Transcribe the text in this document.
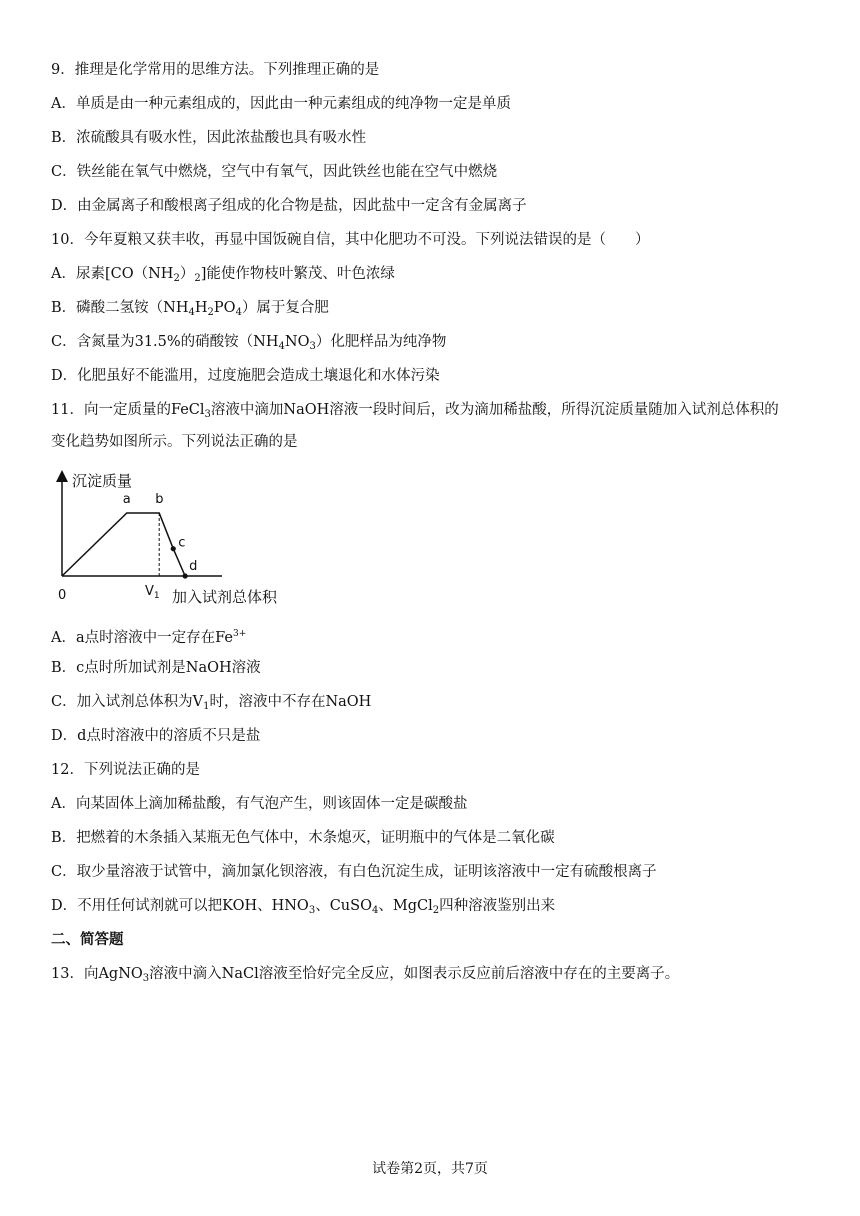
9．推理是化学常用的思维方法。下列推理正确的是
A．单质是由一种元素组成的，因此由一种元素组成的纯净物一定是单质
B．浓硫酸具有吸水性，因此浓盐酸也具有吸水性
C．铁丝能在氧气中燃烧，空气中有氧气，因此铁丝也能在空气中燃烧
D．由金属离子和酸根离子组成的化合物是盐，因此盐中一定含有金属离子
10．今年夏粮又获丰收，再显中国饭碗自信，其中化肥功不可没。下列说法错误的是（　　）
A．尿素$[CO(NH_2)_2]$能使作物枝叶繁茂、叶色浓绿
B．磷酸二氢铵$(NH_4H_2PO_4)$属于复合肥
C．含氮量为31.5%的硝酸铵$(NH_4NO_3)$化肥样品为纯净物
D．化肥虽好不能滥用，过度施肥会造成土壤退化和水体污染
11．向一定质量的FeCl$_3$溶液中滴加NaOH溶液一段时间后，改为滴加稀盐酸，所得沉淀质量随加入试剂总体积的
变化趋势如图所示。下列说法正确的是
沉淀质量
0	$V_1$ 加入试剂总体积
a b
c
d
A．a点时溶液中一定存在$Fe^{3+}$
B．c点时所加试剂是NaOH溶液
C．加入试剂总体积为$V_1$时，溶液中不存在NaOH
D．d点时溶液中的溶质不只是盐
12．下列说法正确的是
A．向某固体上滴加稀盐酸，有气泡产生，则该固体一定是碳酸盐
B．把燃着的木条插入某瓶无色气体中，木条熄灭，证明瓶中的气体是二氧化碳
C．取少量溶液于试管中，滴加氯化钡溶液，有白色沉淀生成，证明该溶液中一定有硫酸根离子
D．不用任何试剂就可以把KOH、$HNO_3$、CuSO$_4$、MgCl$_2$四种溶液鉴别出来
二、简答题
13．向AgNO$_3$溶液中滴入NaCl溶液至恰好完全反应，如图表示反应前后溶液中存在的主要离子。
试卷第2页，共7页
